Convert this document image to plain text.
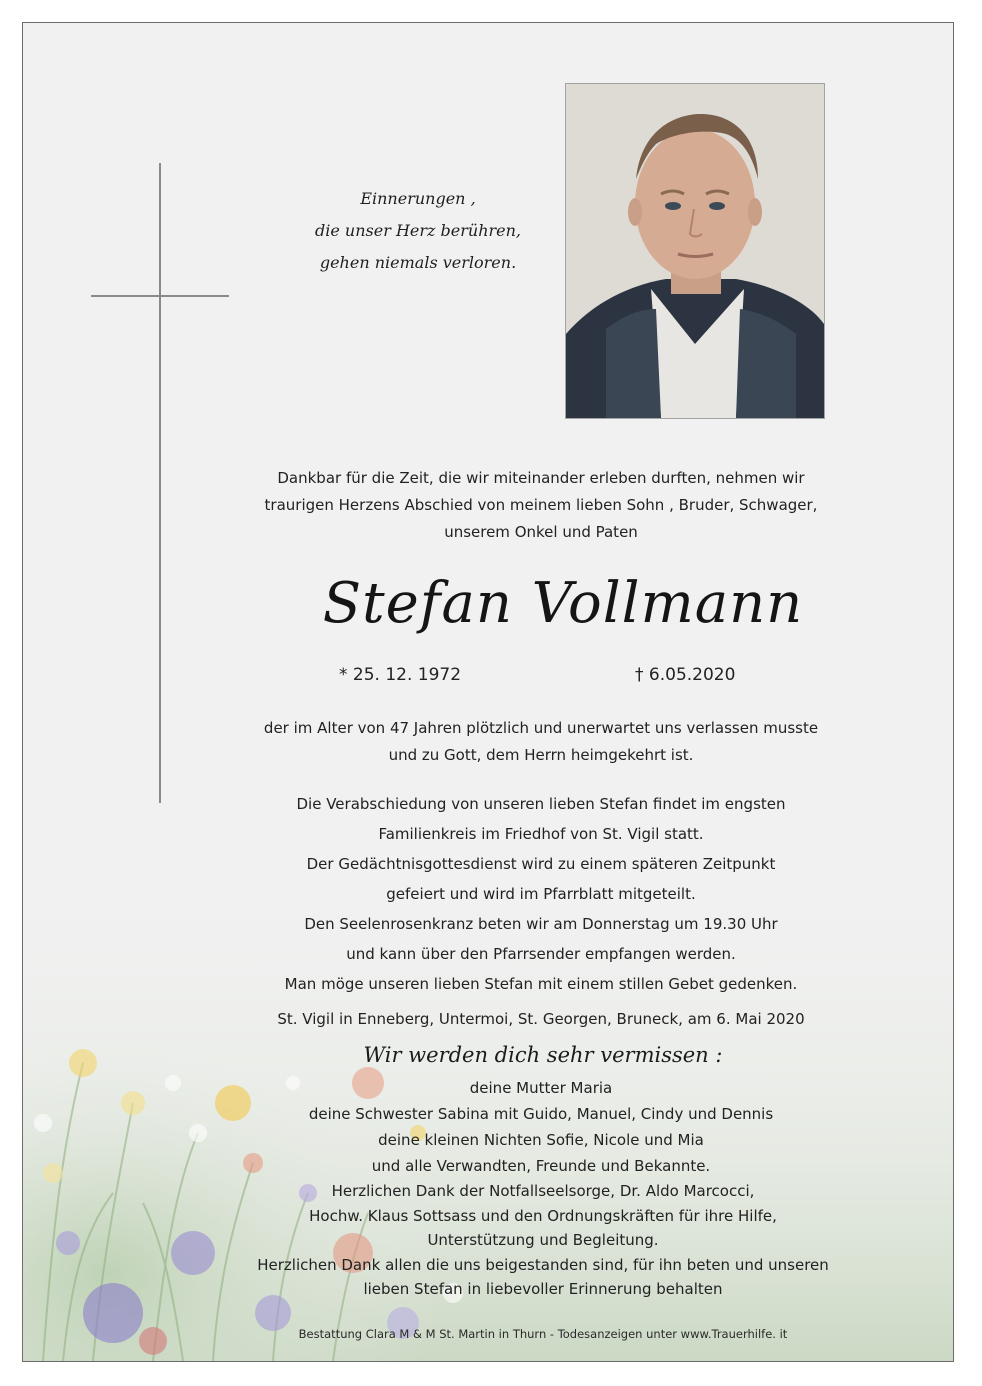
Einnerungen ,
die unser Herz berühren,
gehen niemals verloren.
Dankbar für die Zeit, die wir miteinander erleben durften, nehmen wir
traurigen Herzens Abschied von meinem lieben Sohn , Bruder, Schwager,
unserem Onkel und Paten
Stefan Vollmann
* 25. 12. 1972	† 6.05.2020
der im Alter von 47 Jahren plötzlich und unerwartet uns verlassen musste
und zu Gott, dem Herrn heimgekehrt ist.
Die Verabschiedung von unseren lieben Stefan findet im engsten
Familienkreis im Friedhof von St. Vigil statt.
Der Gedächtnisgottesdienst wird zu einem späteren Zeitpunkt
gefeiert und wird im Pfarrblatt mitgeteilt.
Den Seelenrosenkranz beten wir am Donnerstag um 19.30 Uhr
und kann über den Pfarrsender empfangen werden.
Man möge unseren lieben Stefan mit einem stillen Gebet gedenken.
St. Vigil in Enneberg, Untermoi, St. Georgen, Bruneck, am 6. Mai 2020
Wir werden dich sehr vermissen :
deine Mutter Maria
deine Schwester Sabina mit Guido, Manuel, Cindy und Dennis
deine kleinen Nichten Sofie, Nicole und Mia
und alle Verwandten, Freunde und Bekannte.
Herzlichen Dank der Notfallseelsorge, Dr. Aldo Marcocci,
Hochw. Klaus Sottsass und den Ordnungskräften für ihre Hilfe,
Unterstützung und Begleitung.
Herzlichen Dank allen die uns beigestanden sind, für ihn beten und unseren
lieben Stefan in liebevoller Erinnerung behalten
Bestattung Clara M & M St. Martin in Thurn - Todesanzeigen unter www.Trauerhilfe. it
